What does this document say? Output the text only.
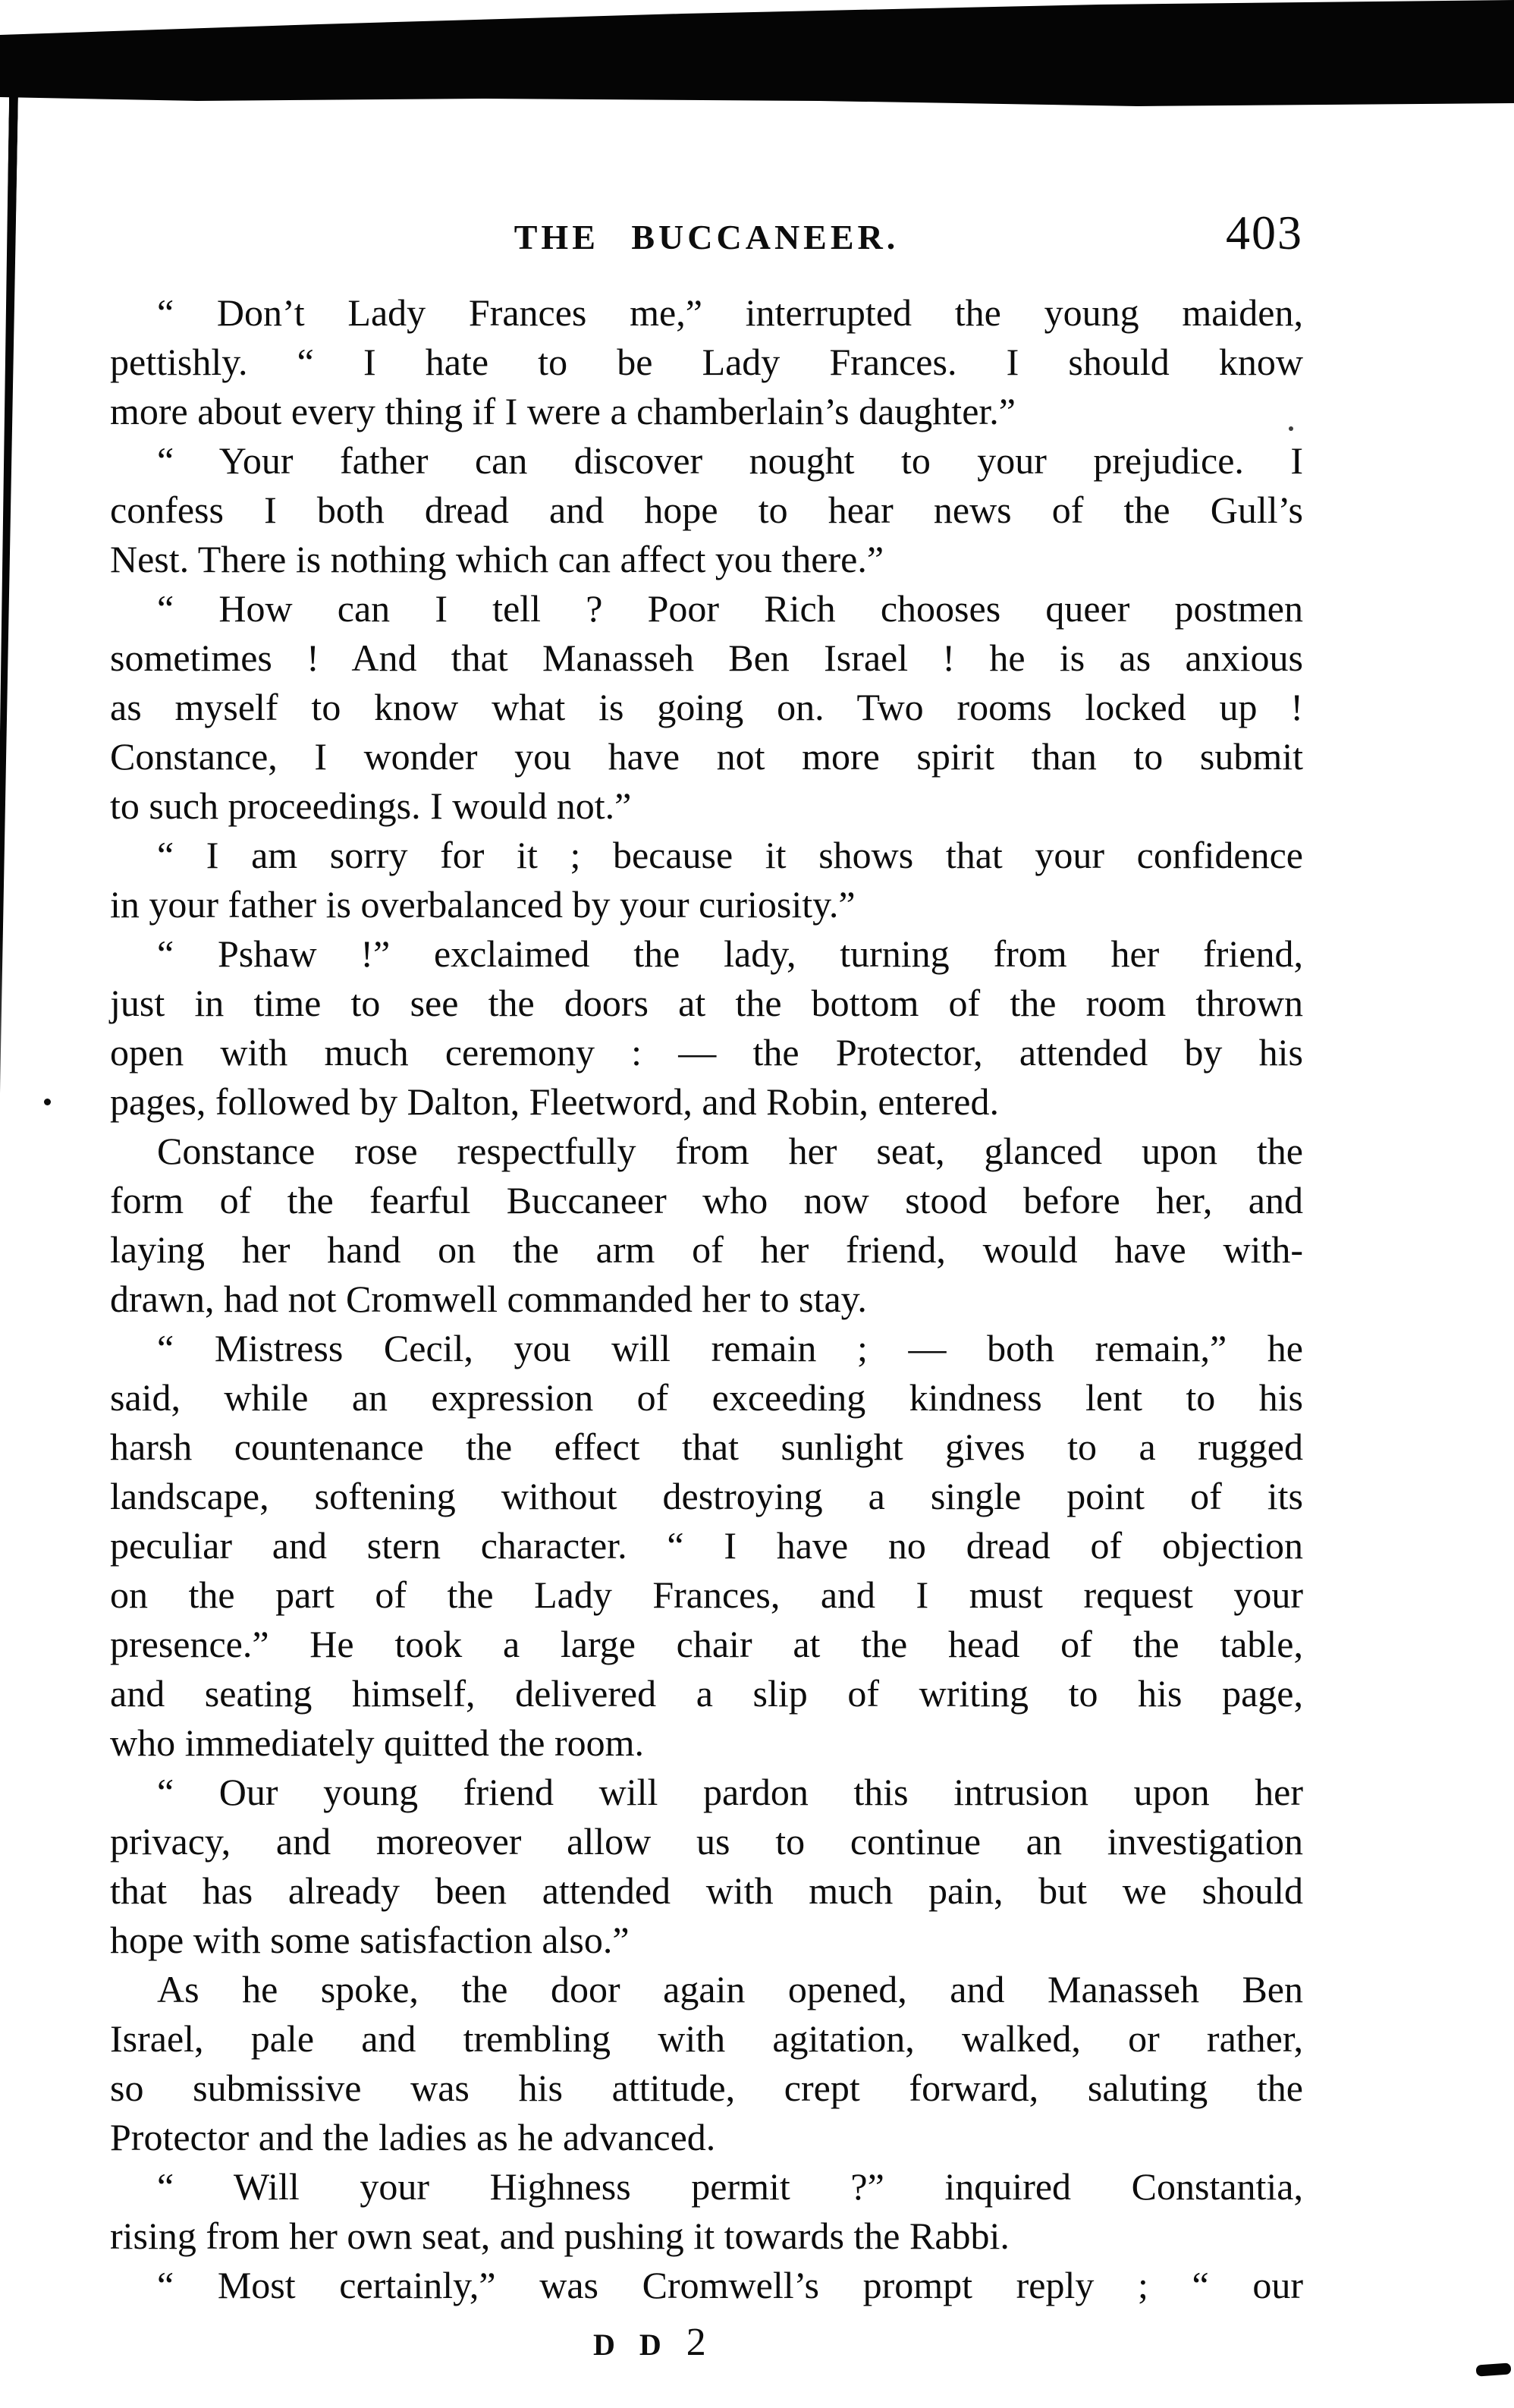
THE BUCCANEER.	403
“ Don’t Lady Frances me,” interrupted the young maiden,
pettishly. “ I hate to be Lady Frances. I should know
more about every thing if I were a chamberlain’s daughter.”
“ Your father can discover nought to your prejudice. I
confess I both dread and hope to hear news of the Gull’s
Nest. There is nothing which can affect you there.”
“ How can I tell ? Poor Rich chooses queer postmen
sometimes ! And that Manasseh Ben Israel ! he is as anxious
as myself to know what is going on. Two rooms locked up !
Constance, I wonder you have not more spirit than to submit
to such proceedings. I would not.”
“ I am sorry for it ; because it shows that your confidence
in your father is overbalanced by your curiosity.”
“ Pshaw !” exclaimed the lady, turning from her friend,
just in time to see the doors at the bottom of the room thrown
open with much ceremony : — the Protector, attended by his
pages, followed by Dalton, Fleetword, and Robin, entered.
Constance rose respectfully from her seat, glanced upon the
form of the fearful Buccaneer who now stood before her, and
laying her hand on the arm of her friend, would have with-
drawn, had not Cromwell commanded her to stay.
“ Mistress Cecil, you will remain ; — both remain,” he
said, while an expression of exceeding kindness lent to his
harsh countenance the effect that sunlight gives to a rugged
landscape, softening without destroying a single point of its
peculiar and stern character. “ I have no dread of objection
on the part of the Lady Frances, and I must request your
presence.” He took a large chair at the head of the table,
and seating himself, delivered a slip of writing to his page,
who immediately quitted the room.
“ Our young friend will pardon this intrusion upon her
privacy, and moreover allow us to continue an investigation
that has already been attended with much pain, but we should
hope with some satisfaction also.”
As he spoke, the door again opened, and Manasseh Ben
Israel, pale and trembling with agitation, walked, or rather,
so submissive was his attitude, crept forward, saluting the
Protector and the ladies as he advanced.
“ Will your Highness permit ?” inquired Constantia,
rising from her own seat, and pushing it towards the Rabbi.
“ Most certainly,” was Cromwell’s prompt reply ; “ our
D D 2
